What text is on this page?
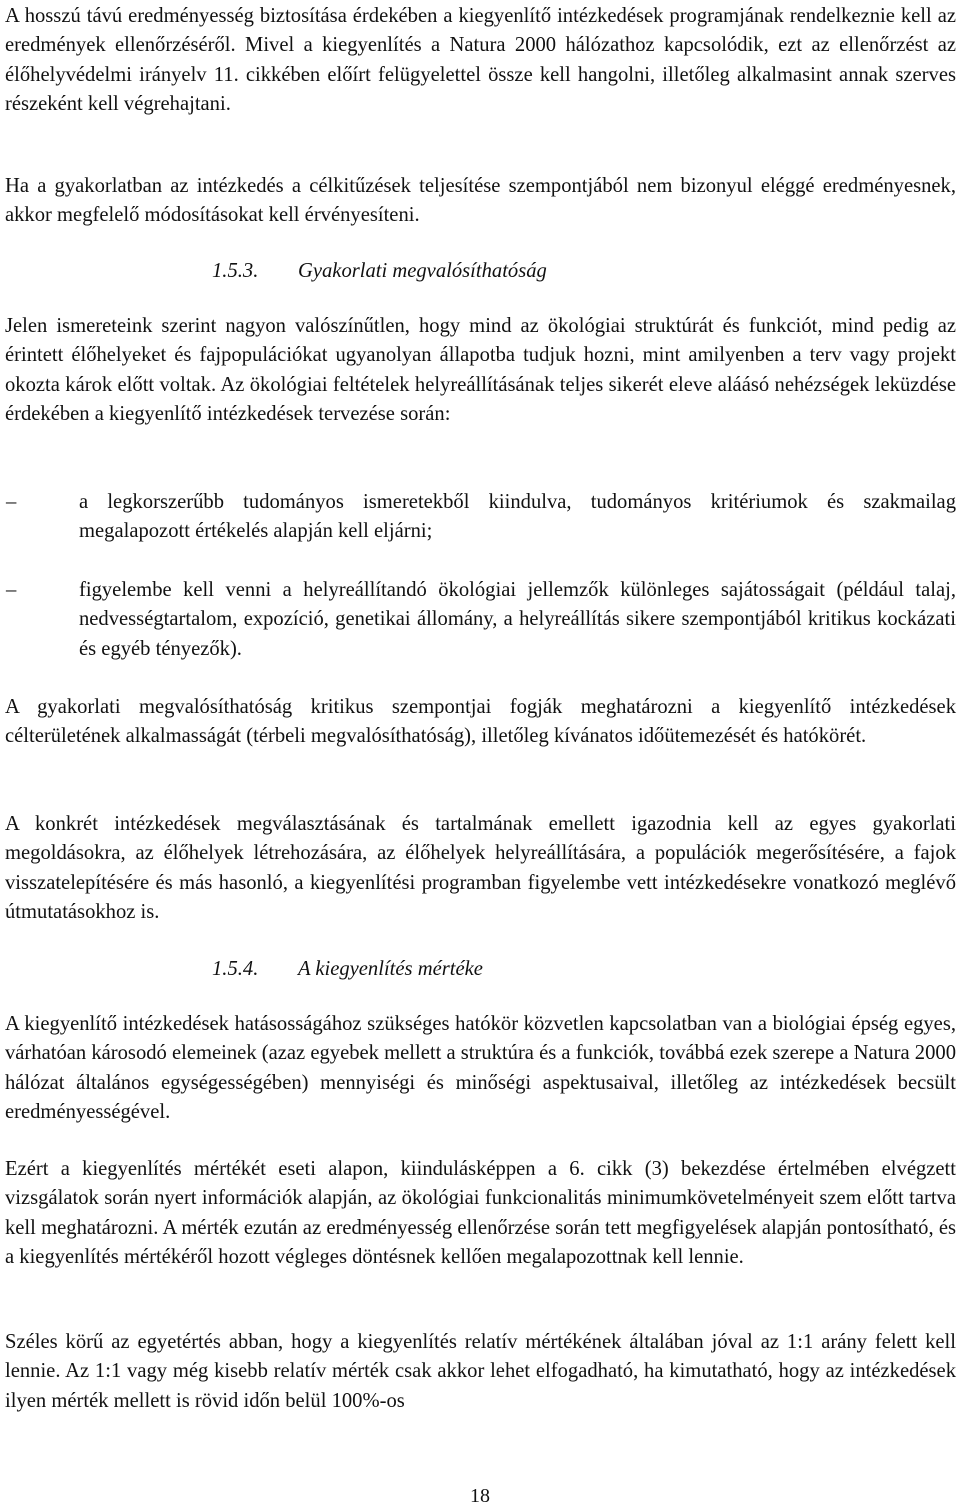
A hosszú távú eredményesség biztosítása érdekében a kiegyenlítő intézkedések programjának rendelkeznie kell az eredmények ellenőrzéséről. Mivel a kiegyenlítés a Natura 2000 hálózathoz kapcsolódik, ezt az ellenőrzést az élőhelyvédelmi irányelv 11. cikkében előírt felügyelettel össze kell hangolni, illetőleg alkalmasint annak szerves részeként kell végrehajtani.

Ha a gyakorlatban az intézkedés a célkitűzések teljesítése szempontjából nem bizonyul eléggé eredményesnek, akkor megfelelő módosításokat kell érvényesíteni.

1.5.3. Gyakorlati megvalósíthatóság

Jelen ismereteink szerint nagyon valószínűtlen, hogy mind az ökológiai struktúrát és funkciót, mind pedig az érintett élőhelyeket és fajpopulációkat ugyanolyan állapotba tudjuk hozni, mint amilyenben a terv vagy projekt okozta károk előtt voltak. Az ökológiai feltételek helyreállításának teljes sikerét eleve aláásó nehézségek leküzdése érdekében a kiegyenlítő intézkedések tervezése során:

–	a legkorszerűbb tudományos ismeretekből kiindulva, tudományos kritériumok és szakmailag megalapozott értékelés alapján kell eljárni;

–	figyelembe kell venni a helyreállítandó ökológiai jellemzők különleges sajátosságait (például talaj, nedvességtartalom, expozíció, genetikai állomány, a helyreállítás sikere szempontjából kritikus kockázati és egyéb tényezők).

A gyakorlati megvalósíthatóság kritikus szempontjai fogják meghatározni a kiegyenlítő intézkedések célterületének alkalmasságát (térbeli megvalósíthatóság), illetőleg kívánatos időütemezését és hatókörét.

A konkrét intézkedések megválasztásának és tartalmának emellett igazodnia kell az egyes gyakorlati megoldásokra, az élőhelyek létrehozására, az élőhelyek helyreállítására, a populációk megerősítésére, a fajok visszatelepítésére és más hasonló, a kiegyenlítési programban figyelembe vett intézkedésekre vonatkozó meglévő útmutatásokhoz is.

1.5.4. A kiegyenlítés mértéke

A kiegyenlítő intézkedések hatásosságához szükséges hatókör közvetlen kapcsolatban van a biológiai épség egyes, várhatóan károsodó elemeinek (azaz egyebek mellett a struktúra és a funkciók, továbbá ezek szerepe a Natura 2000 hálózat általános egységességében) mennyiségi és minőségi aspektusaival, illetőleg az intézkedések becsült eredményességével.

Ezért a kiegyenlítés mértékét eseti alapon, kiindulásképpen a 6. cikk (3) bekezdése értelmében elvégzett vizsgálatok során nyert információk alapján, az ökológiai funkcionalitás minimumkövetelményeit szem előtt tartva kell meghatározni. A mérték ezután az eredményesség ellenőrzése során tett megfigyelések alapján pontosítható, és a kiegyenlítés mértékéről hozott végleges döntésnek kellően megalapozottnak kell lennie.

Széles körű az egyetértés abban, hogy a kiegyenlítés relatív mértékének általában jóval az 1:1 arány felett kell lennie. Az 1:1 vagy még kisebb relatív mérték csak akkor lehet elfogadható, ha kimutatható, hogy az intézkedések ilyen mérték mellett is rövid időn belül 100%-os

18
